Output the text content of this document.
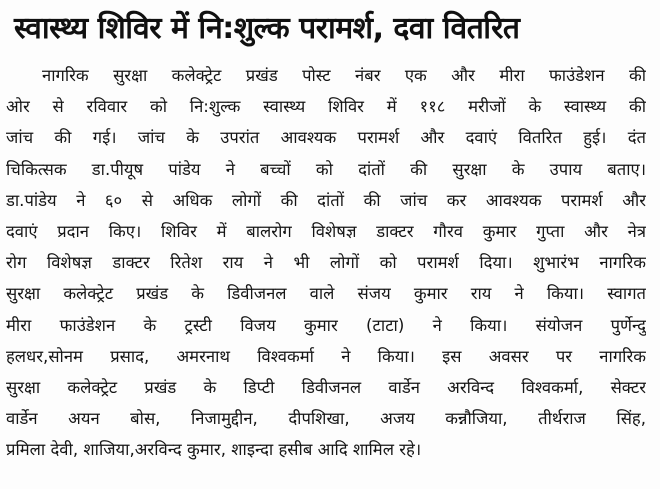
स्वास्थ्य शिविर में नि:शुल्क परामर्श, दवा वितरित
नागरिक सुरक्षा कलेक्ट्रेट प्रखंड पोस्ट नंबर एक और मीरा फाउंडेशन की
ओर से रविवार को नि:शुल्क स्वास्थ्य शिविर में ११८ मरीजों के स्वास्थ्य की
जांच की गई। जांच के उपरांत आवश्यक परामर्श और दवाएं वितरित हुई। दंत
चिकित्सक डा.पीयूष पांडेय ने बच्चों को दांतों की सुरक्षा के उपाय बताए।
डा.पांडेय ने ६० से अधिक लोगों की दांतों की जांच कर आवश्यक परामर्श और
दवाएं प्रदान किए। शिविर में बालरोग विशेषज्ञ डाक्टर गौरव कुमार गुप्ता और नेत्र
रोग विशेषज्ञ डाक्टर रितेश राय ने भी लोगों को परामर्श दिया। शुभारंभ नागरिक
सुरक्षा कलेक्ट्रेट प्रखंड के डिवीजनल वाले संजय कुमार राय ने किया। स्वागत
मीरा फाउंडेशन के ट्रस्टी विजय कुमार (टाटा) ने किया। संयोजन पुर्णेन्दु
हलधर,सोनम प्रसाद, अमरनाथ विश्वकर्मा ने किया। इस अवसर पर नागरिक
सुरक्षा कलेक्ट्रेट प्रखंड के डिप्टी डिवीजनल वार्डेन अरविन्द विश्वकर्मा, सेक्टर
वार्डेन अयन बोस, निजामुद्दीन, दीपशिखा, अजय कन्नौजिया, तीर्थराज सिंह,
प्रमिला देवी, शाजिया,अरविन्द कुमार, शाइन्दा हसीब आदि शामिल रहे।
